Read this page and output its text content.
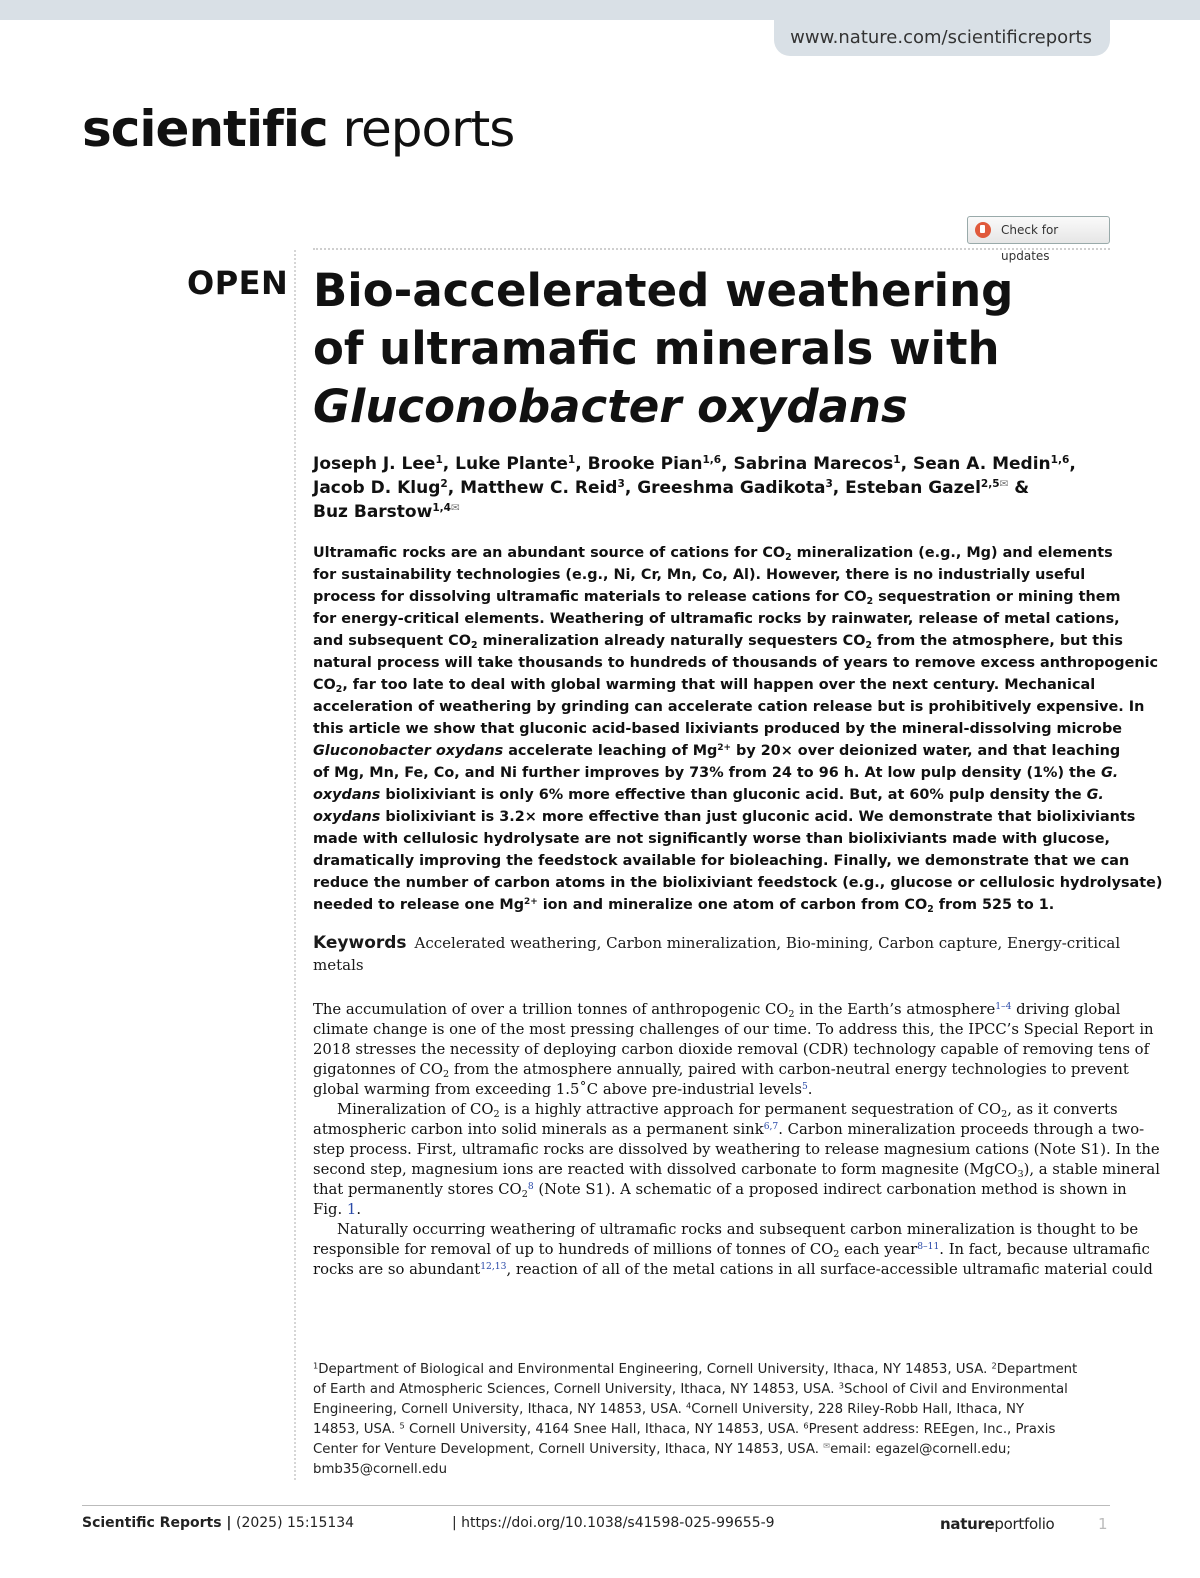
www.nature.com/scientificreports
scientific reports
Check for updates
OPEN Bio-accelerated weathering
of ultramafic minerals with
Gluconobacter oxydans
Joseph J. Lee$^1$, Luke Plante$^1$, Brooke Pian$^{1,6}$, Sabrina Marecos$^1$, Sean A. Medin$^{1,6}$,
Jacob D. Klug$^2$, Matthew C. Reid$^3$, Greeshma Gadikota$^3$, Esteban Gazel$^{2,5✉}$ &
Buz Barstow$^{1,4✉}$
Ultramafic rocks are an abundant source of cations for $CO_2$ mineralization (e.g., Mg) and elements
for sustainability technologies (e.g., Ni, Cr, Mn, Co, Al). However, there is no industrially useful
process for dissolving ultramafic materials to release cations for $CO_2$ sequestration or mining them
for energy-critical elements. Weathering of ultramafic rocks by rainwater, release of metal cations,
and subsequent $CO_2$ mineralization already naturally sequesters $CO_2$ from the atmosphere, but this
natural process will take thousands to hundreds of thousands of years to remove excess anthropogenic
$CO_2$, far too late to deal with global warming that will happen over the next century. Mechanical
acceleration of weathering by grinding can accelerate cation release but is prohibitively expensive. In
this article we show that gluconic acid-based lixiviants produced by the mineral-dissolving microbe
Gluconobacter oxydans accelerate leaching of $Mg^{2+}$ by 20× over deionized water, and that leaching
of Mg, Mn, Fe, Co, and Ni further improves by 73% from 24 to 96 h. At low pulp density (1%) the G.
oxydans biolixiviant is only 6% more effective than gluconic acid. But, at 60% pulp density the G.
oxydans biolixiviant is 3.2× more effective than just gluconic acid. We demonstrate that biolixiviants
made with cellulosic hydrolysate are not significantly worse than biolixiviants made with glucose,
dramatically improving the feedstock available for bioleaching. Finally, we demonstrate that we can
reduce the number of carbon atoms in the biolixiviant feedstock (e.g., glucose or cellulosic hydrolysate)
needed to release one $Mg^{2+}$ ion and mineralize one atom of carbon from $CO_2$ from 525 to 1.
Keywords Accelerated weathering, Carbon mineralization, Bio-mining, Carbon capture, Energy-critical
metals
The accumulation of over a trillion tonnes of anthropogenic $CO_2$ in the Earth’s atmosphere$^{1-4}$ driving global
climate change is one of the most pressing challenges of our time. To address this, the IPCC’s Special Report in
2018 stresses the necessity of deploying carbon dioxide removal (CDR) technology capable of removing tens of
gigatonnes of $CO_2$ from the atmosphere annually, paired with carbon-neutral energy technologies to prevent
global warming from exceeding 1.5˚C above pre-industrial levels$^5$.
Mineralization of $CO_2$ is a highly attractive approach for permanent sequestration of $CO_2$, as it converts
atmospheric carbon into solid minerals as a permanent sink$^{6,7}$. Carbon mineralization proceeds through a two-
step process. First, ultramafic rocks are dissolved by weathering to release magnesium cations (Note S1). In the
second step, magnesium ions are reacted with dissolved carbonate to form magnesite (MgCO$_3$), a stable mineral
that permanently stores $CO_2^8$ (Note S1). A schematic of a proposed indirect carbonation method is shown in
Fig. 1.
Naturally occurring weathering of ultramafic rocks and subsequent carbon mineralization is thought to be
responsible for removal of up to hundreds of millions of tonnes of $CO_2$ each year$^{8-11}$. In fact, because ultramafic
rocks are so abundant$^{12,13}$, reaction of all of the metal cations in all surface-accessible ultramafic material could
$^1$Department of Biological and Environmental Engineering, Cornell University, Ithaca, NY 14853, USA. $^2$Department
of Earth and Atmospheric Sciences, Cornell University, Ithaca, NY 14853, USA. $^3$School of Civil and Environmental
Engineering, Cornell University, Ithaca, NY 14853, USA. $^4$Cornell University, 228 Riley-Robb Hall, Ithaca, NY
14853, USA. $^5$ Cornell University, 4164 Snee Hall, Ithaca, NY 14853, USA. $^6$Present address: REEgen, Inc., Praxis
Center for Venture Development, Cornell University, Ithaca, NY 14853, USA. ✉email: egazel@cornell.edu;
bmb35@cornell.edu
Scientific Reports | (2025) 15:15134	| https://doi.org/10.1038/s41598-025-99655-9	natureportfolio	1
